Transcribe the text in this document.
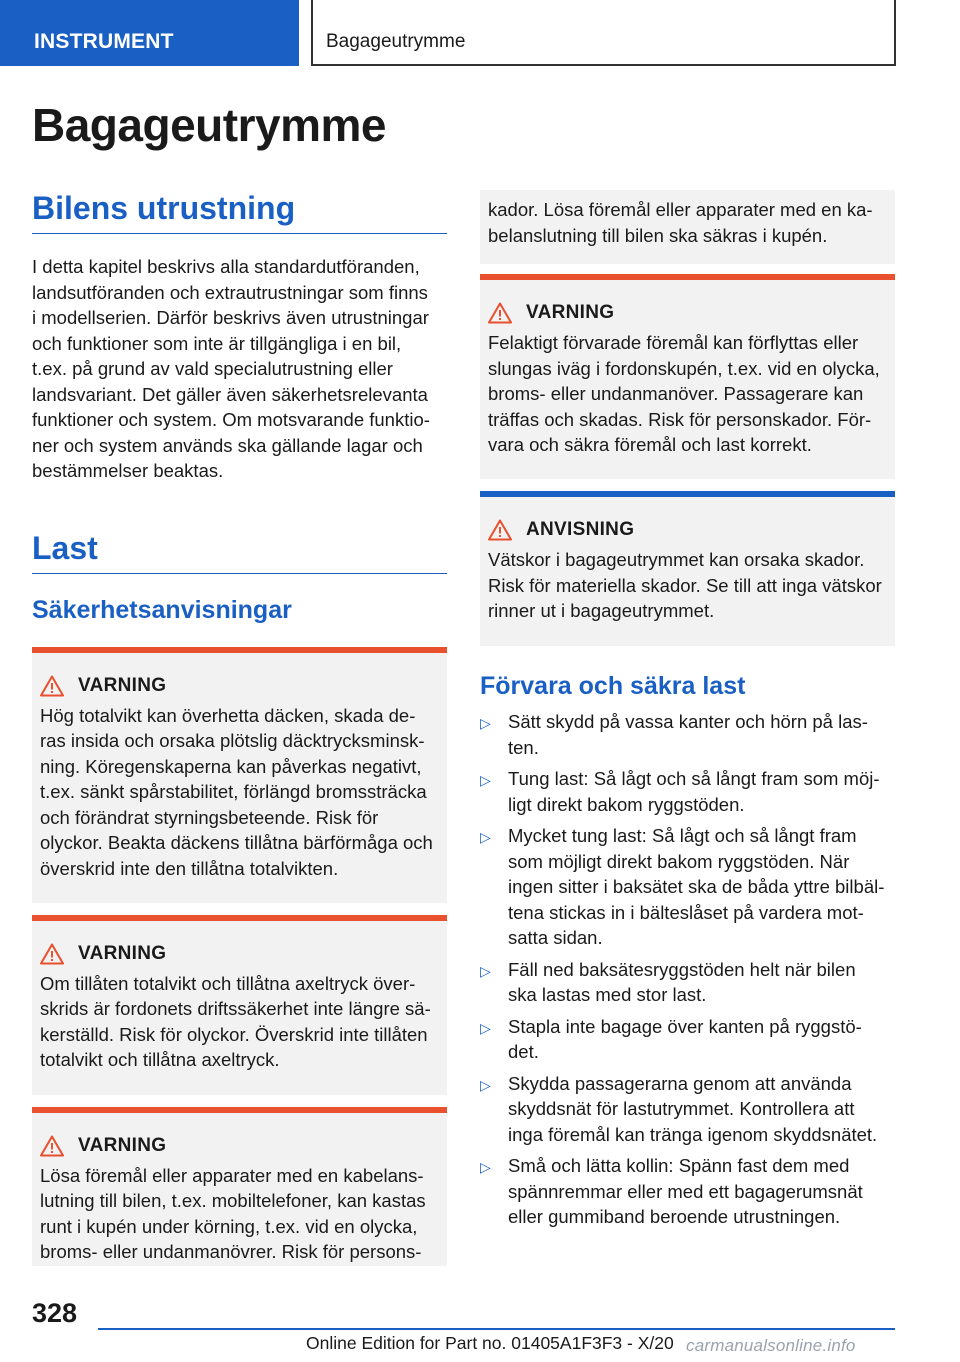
INSTRUMENT	Bagageutrymme
Bagageutrymme
Bilens utrustning
I detta kapitel beskrivs alla standardutföranden,
landsutföranden och extrautrustningar som finns
i modellserien. Därför beskrivs även utrustningar
och funktioner som inte är tillgängliga i en bil,
t.ex. på grund av vald specialutrustning eller
landsvariant. Det gäller även säkerhetsrelevanta
funktioner och system. Om motsvarande funktio-
ner och system används ska gällande lagar och
bestämmelser beaktas.
Last
Säkerhetsanvisningar
VARNING
Hög totalvikt kan överhetta däcken, skada de-
ras insida och orsaka plötslig däcktrycksminsk-
ning. Köregenskaperna kan påverkas negativt,
t.ex. sänkt spårstabilitet, förlängd bromssträcka
och förändrat styrningsbeteende. Risk för
olyckor. Beakta däckens tillåtna bärförmåga och
överskrid inte den tillåtna totalvikten.
VARNING
Om tillåten totalvikt och tillåtna axeltryck över-
skrids är fordonets driftssäkerhet inte längre sä-
kerställd. Risk för olyckor. Överskrid inte tillåten
totalvikt och tillåtna axeltryck.
VARNING
Lösa föremål eller apparater med en kabelans-
lutning till bilen, t.ex. mobiltelefoner, kan kastas
runt i kupén under körning, t.ex. vid en olycka,
broms- eller undanmanövrer. Risk för persons-
kador. Lösa föremål eller apparater med en ka-
belanslutning till bilen ska säkras i kupén.
VARNING
Felaktigt förvarade föremål kan förflyttas eller
slungas iväg i fordonskupén, t.ex. vid en olycka,
broms- eller undanmanöver. Passagerare kan
träffas och skadas. Risk för personskador. För-
vara och säkra föremål och last korrekt.
ANVISNING
Vätskor i bagageutrymmet kan orsaka skador.
Risk för materiella skador. Se till att inga vätskor
rinner ut i bagageutrymmet.
Förvara och säkra last
▷ Sätt skydd på vassa kanter och hörn på las-
ten.
▷ Tung last: Så lågt och så långt fram som möj-
ligt direkt bakom ryggstöden.
▷ Mycket tung last: Så lågt och så långt fram
som möjligt direkt bakom ryggstöden. När
ingen sitter i baksätet ska de båda yttre bilbäl-
tena stickas in i bälteslåset på vardera mot-
satta sidan.
▷ Fäll ned baksätesryggstöden helt när bilen
ska lastas med stor last.
▷ Stapla inte bagage över kanten på ryggstö-
det.
▷ Skydda passagerarna genom att använda
skyddsnät för lastutrymmet. Kontrollera att
inga föremål kan tränga igenom skyddsnätet.
▷ Små och lätta kollin: Spänn fast dem med
spännremmar eller med ett bagagerumsnät
eller gummiband beroende utrustningen.
328
Online Edition for Part no. 01405A1F3F3 - X/20 carmanualsonline.info
